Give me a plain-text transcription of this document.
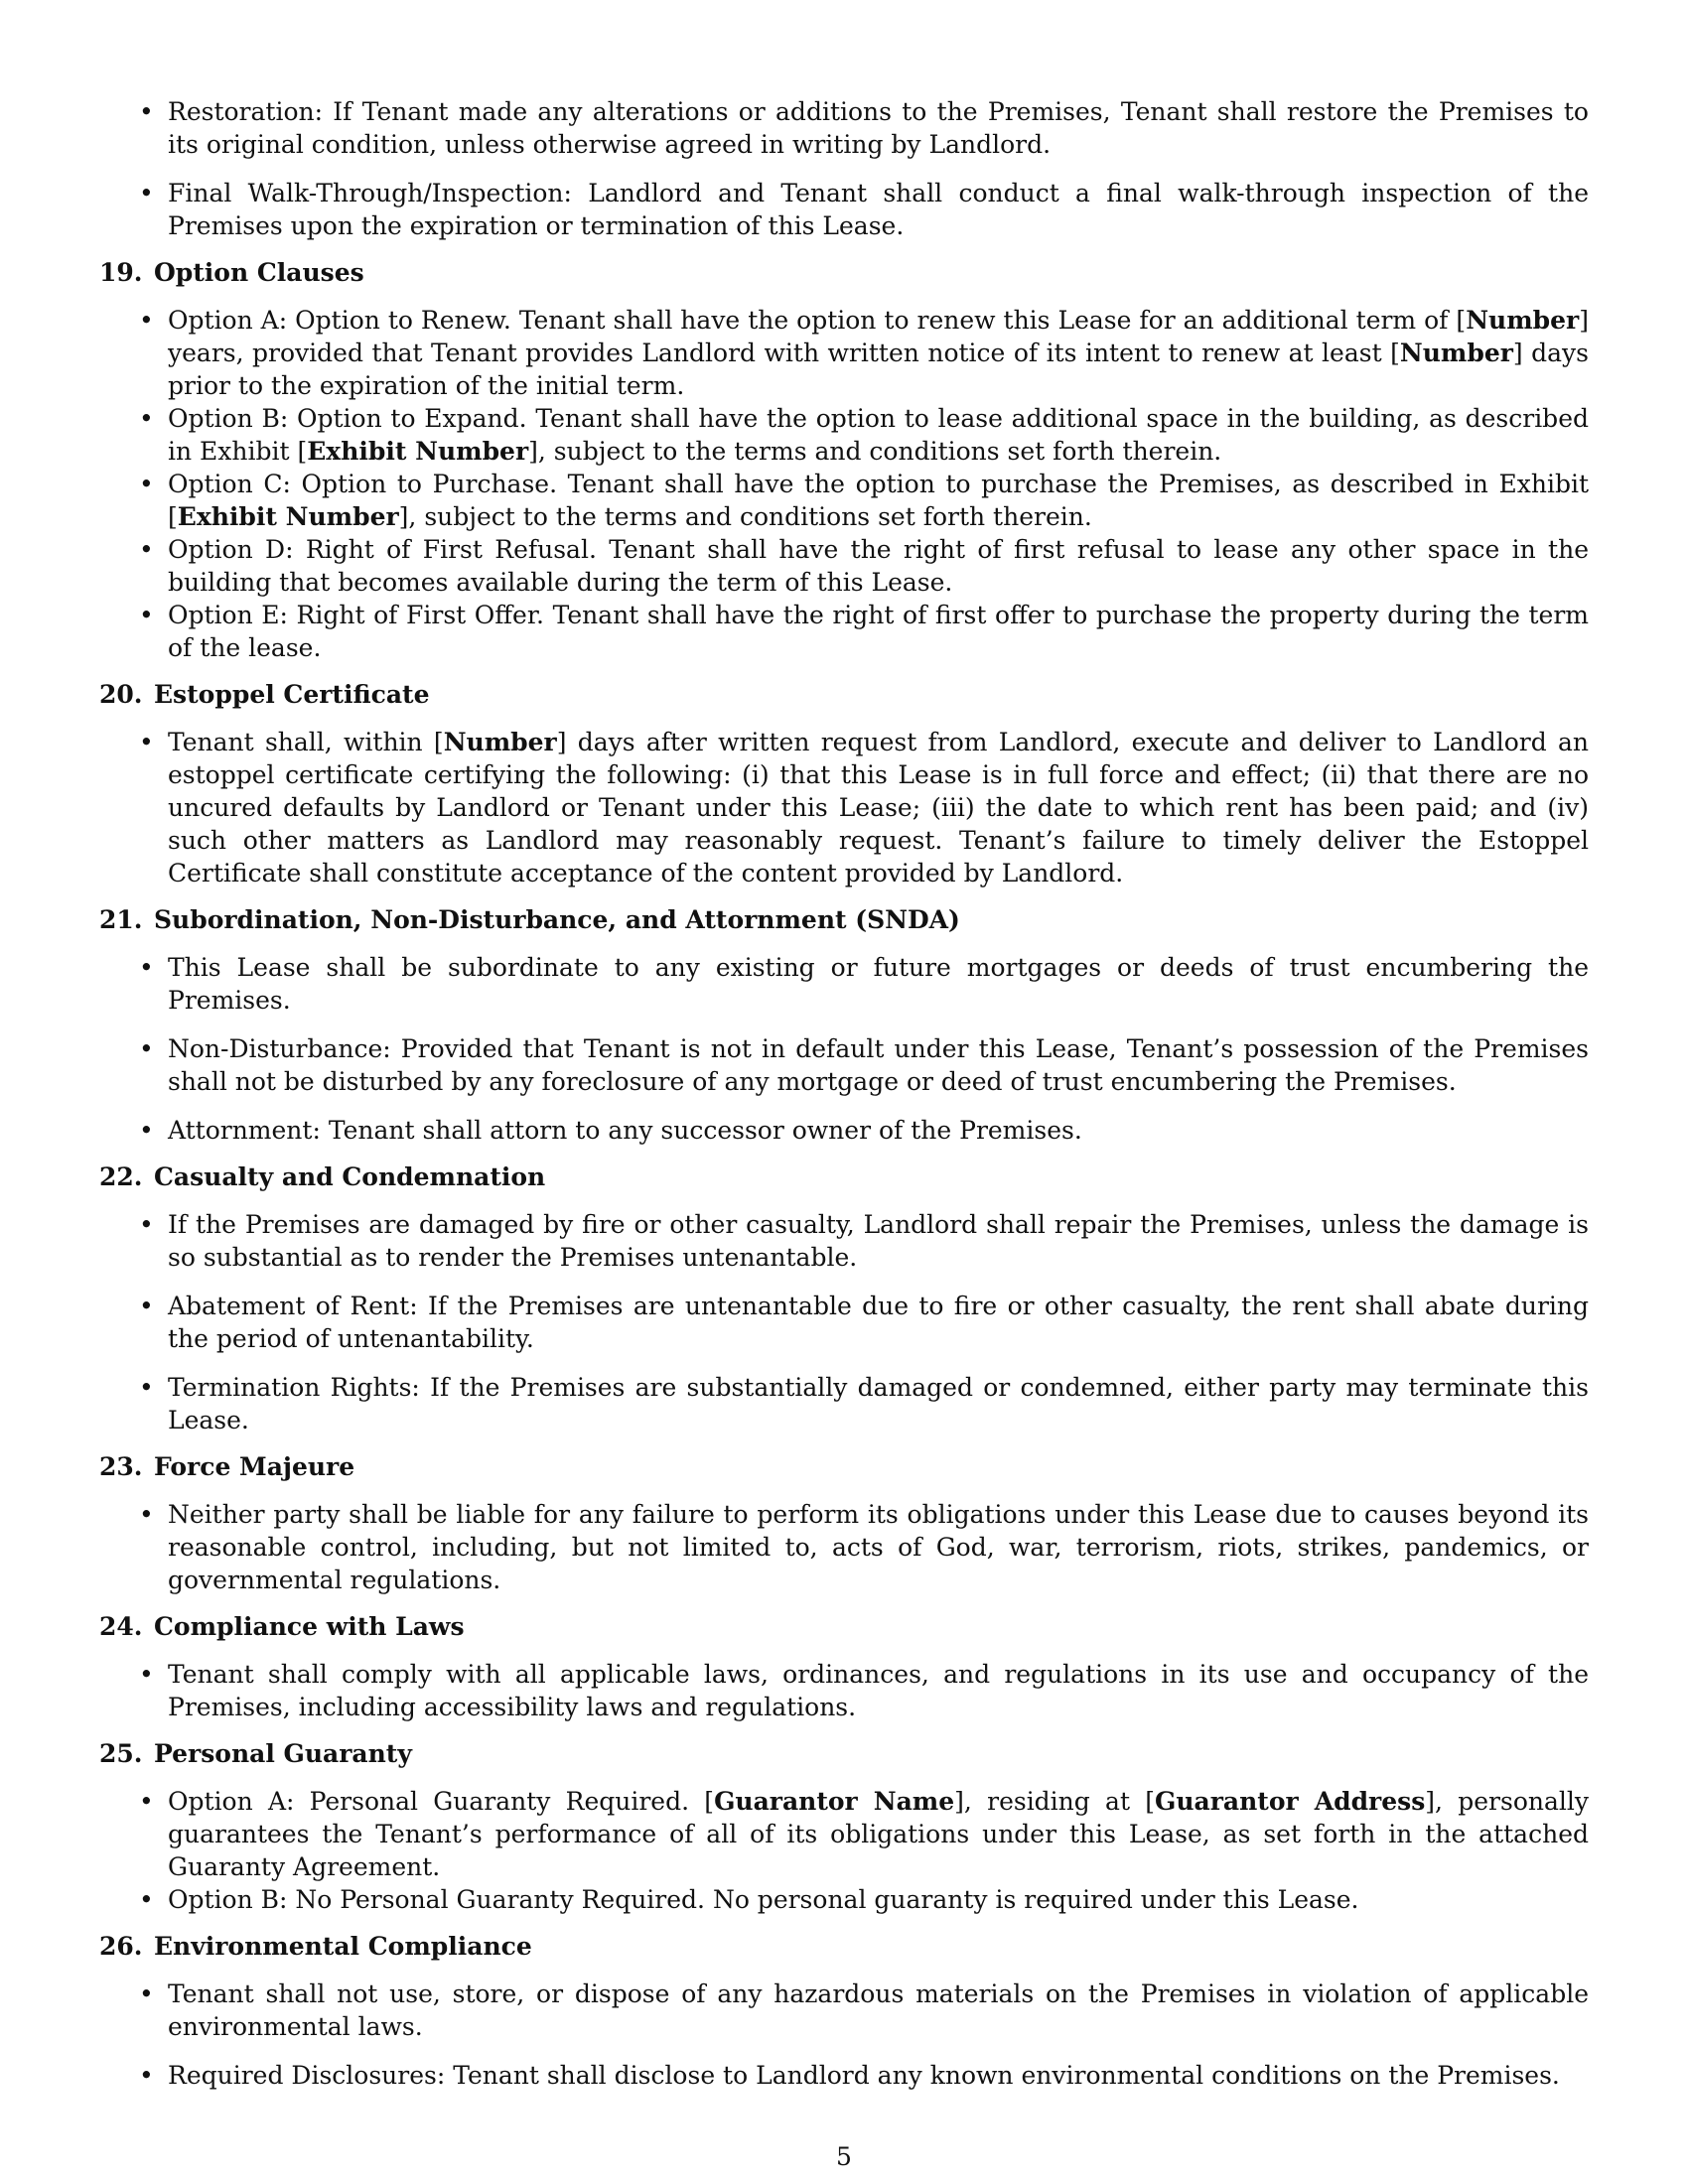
• Restoration: If Tenant made any alterations or additions to the Premises, Tenant shall restore the Premises to its original condition, unless otherwise agreed in writing by Landlord.
• Final Walk-Through/Inspection: Landlord and Tenant shall conduct a final walk-through inspection of the Premises upon the expiration or termination of this Lease.
19. Option Clauses
• Option A: Option to Renew. Tenant shall have the option to renew this Lease for an additional term of [Number] years, provided that Tenant provides Landlord with written notice of its intent to renew at least [Number] days prior to the expiration of the initial term.
• Option B: Option to Expand. Tenant shall have the option to lease additional space in the building, as described in Exhibit [Exhibit Number], subject to the terms and conditions set forth therein.
• Option C: Option to Purchase. Tenant shall have the option to purchase the Premises, as described in Exhibit [Exhibit Number], subject to the terms and conditions set forth therein.
• Option D: Right of First Refusal. Tenant shall have the right of first refusal to lease any other space in the building that becomes available during the term of this Lease.
• Option E: Right of First Offer. Tenant shall have the right of first offer to purchase the property during the term of the lease.
20. Estoppel Certificate
• Tenant shall, within [Number] days after written request from Landlord, execute and deliver to Landlord an estoppel certificate certifying the following: (i) that this Lease is in full force and effect; (ii) that there are no uncured defaults by Landlord or Tenant under this Lease; (iii) the date to which rent has been paid; and (iv) such other matters as Landlord may reasonably request. Tenant’s failure to timely deliver the Estoppel Certificate shall constitute acceptance of the content provided by Landlord.
21. Subordination, Non-Disturbance, and Attornment (SNDA)
• This Lease shall be subordinate to any existing or future mortgages or deeds of trust encumbering the Premises.
• Non-Disturbance: Provided that Tenant is not in default under this Lease, Tenant’s possession of the Premises shall not be disturbed by any foreclosure of any mortgage or deed of trust encumbering the Premises.
• Attornment: Tenant shall attorn to any successor owner of the Premises.
22. Casualty and Condemnation
• If the Premises are damaged by fire or other casualty, Landlord shall repair the Premises, unless the damage is so substantial as to render the Premises untenantable.
• Abatement of Rent: If the Premises are untenantable due to fire or other casualty, the rent shall abate during the period of untenantability.
• Termination Rights: If the Premises are substantially damaged or condemned, either party may terminate this Lease.
23. Force Majeure
• Neither party shall be liable for any failure to perform its obligations under this Lease due to causes beyond its reasonable control, including, but not limited to, acts of God, war, terrorism, riots, strikes, pandemics, or governmental regulations.
24. Compliance with Laws
• Tenant shall comply with all applicable laws, ordinances, and regulations in its use and occupancy of the Premises, including accessibility laws and regulations.
25. Personal Guaranty
• Option A: Personal Guaranty Required. [Guarantor Name], residing at [Guarantor Address], personally guarantees the Tenant’s performance of all of its obligations under this Lease, as set forth in the attached Guaranty Agreement.
• Option B: No Personal Guaranty Required. No personal guaranty is required under this Lease.
26. Environmental Compliance
• Tenant shall not use, store, or dispose of any hazardous materials on the Premises in violation of applicable environmental laws.
• Required Disclosures: Tenant shall disclose to Landlord any known environmental conditions on the Premises.
5
